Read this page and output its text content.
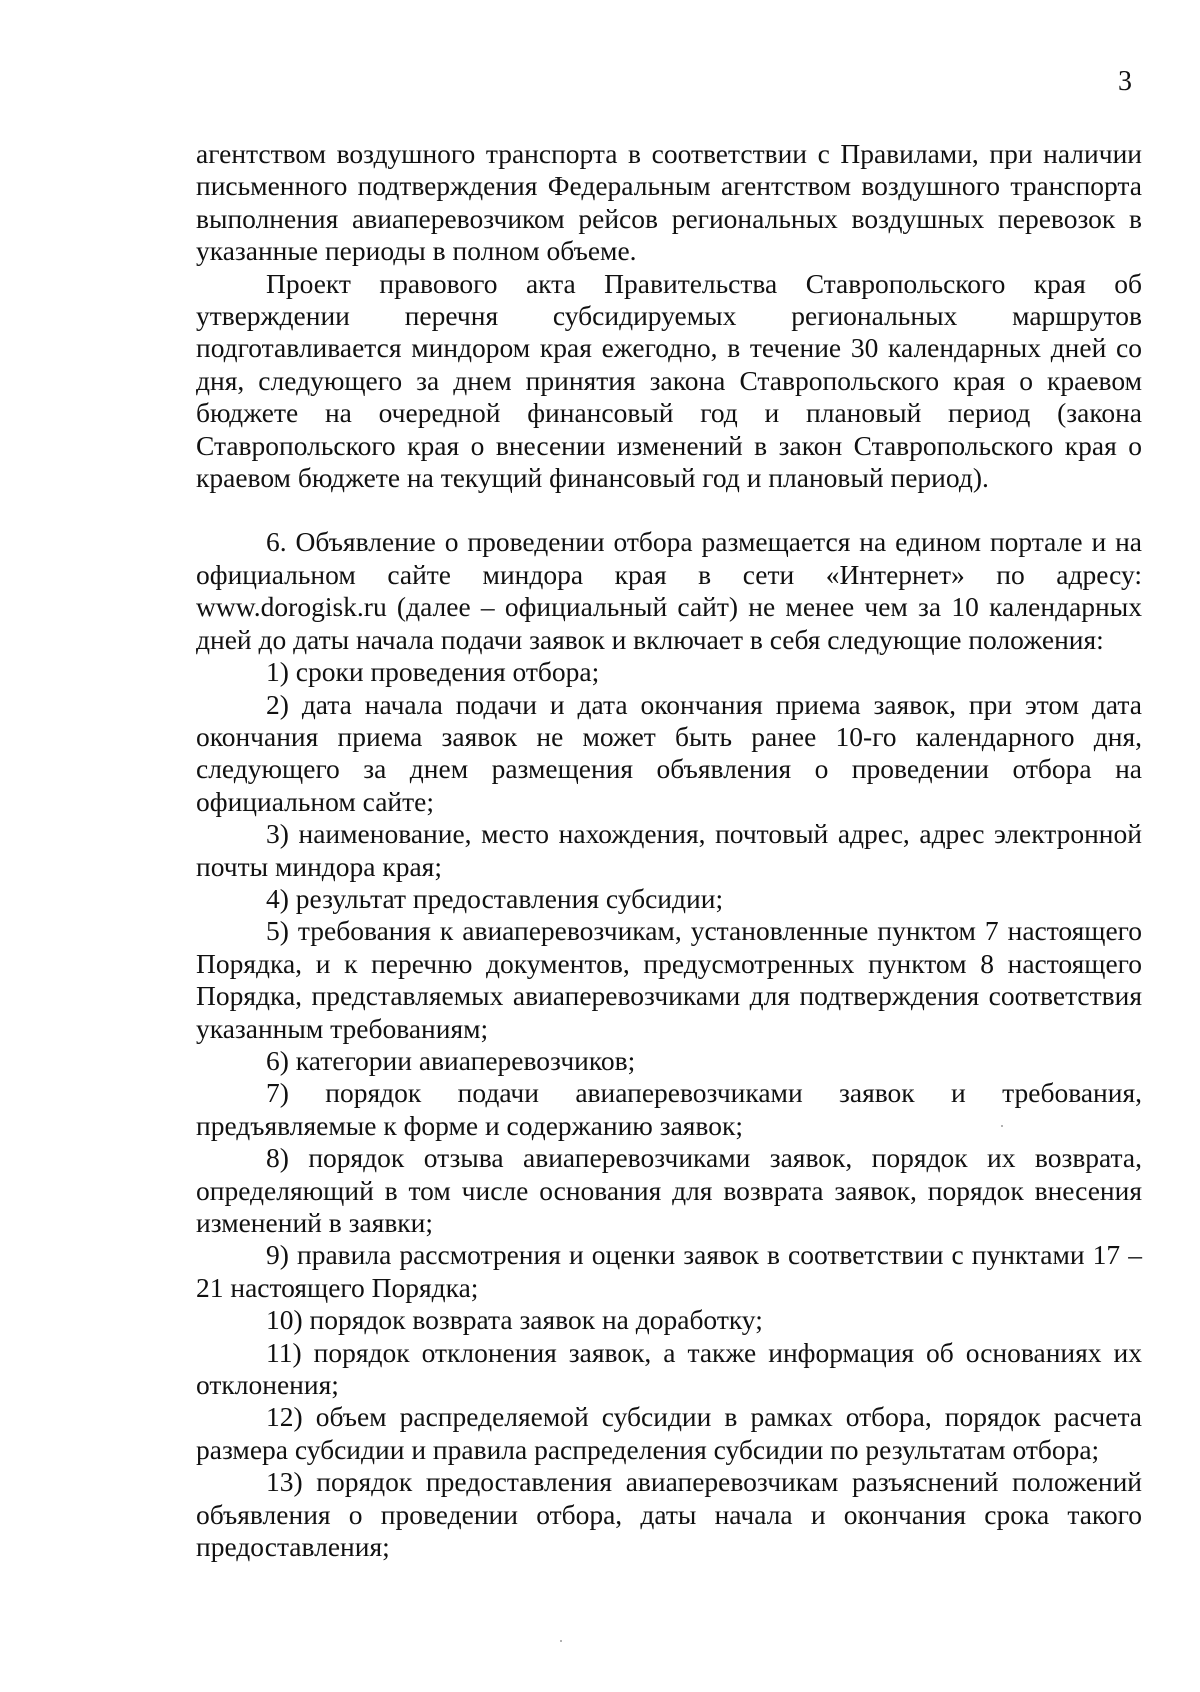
3

агентством воздушного транспорта в соответствии с Правилами, при наличии письменного подтверждения Федеральным агентством воздушного транспорта выполнения авиаперевозчиком рейсов региональных воздушных перевозок в указанные периоды в полном объеме.

Проект правового акта Правительства Ставропольского края об утверждении перечня субсидируемых региональных маршрутов подготавливается миндором края ежегодно, в течение 30 календарных дней со дня, следующего за днем принятия закона Ставропольского края о краевом бюджете на очередной финансовый год и плановый период (закона Ставропольского края о внесении изменений в закон Ставропольского края о краевом бюджете на текущий финансовый год и плановый период).

6. Объявление о проведении отбора размещается на едином портале и на официальном сайте миндора края в сети «Интернет» по адресу: www.dorogisk.ru (далее – официальный сайт) не менее чем за 10 календарных дней до даты начала подачи заявок и включает в себя следующие положения:

1) сроки проведения отбора;

2) дата начала подачи и дата окончания приема заявок, при этом дата окончания приема заявок не может быть ранее 10-го календарного дня, следующего за днем размещения объявления о проведении отбора на официальном сайте;

3) наименование, место нахождения, почтовый адрес, адрес электронной почты миндора края;

4) результат предоставления субсидии;

5) требования к авиаперевозчикам, установленные пунктом 7 настоящего Порядка, и к перечню документов, предусмотренных пунктом 8 настоящего Порядка, представляемых авиаперевозчиками для подтверждения соответствия указанным требованиям;

6) категории авиаперевозчиков;

7) порядок подачи авиаперевозчиками заявок и требования, предъявляемые к форме и содержанию заявок;

8) порядок отзыва авиаперевозчиками заявок, порядок их возврата, определяющий в том числе основания для возврата заявок, порядок внесения изменений в заявки;

9) правила рассмотрения и оценки заявок в соответствии с пунктами 17 – 21 настоящего Порядка;

10) порядок возврата заявок на доработку;

11) порядок отклонения заявок, а также информация об основаниях их отклонения;

12) объем распределяемой субсидии в рамках отбора, порядок расчета размера субсидии и правила распределения субсидии по результатам отбора;

13) порядок предоставления авиаперевозчикам разъяснений положений объявления о проведении отбора, даты начала и окончания срока такого предоставления;
